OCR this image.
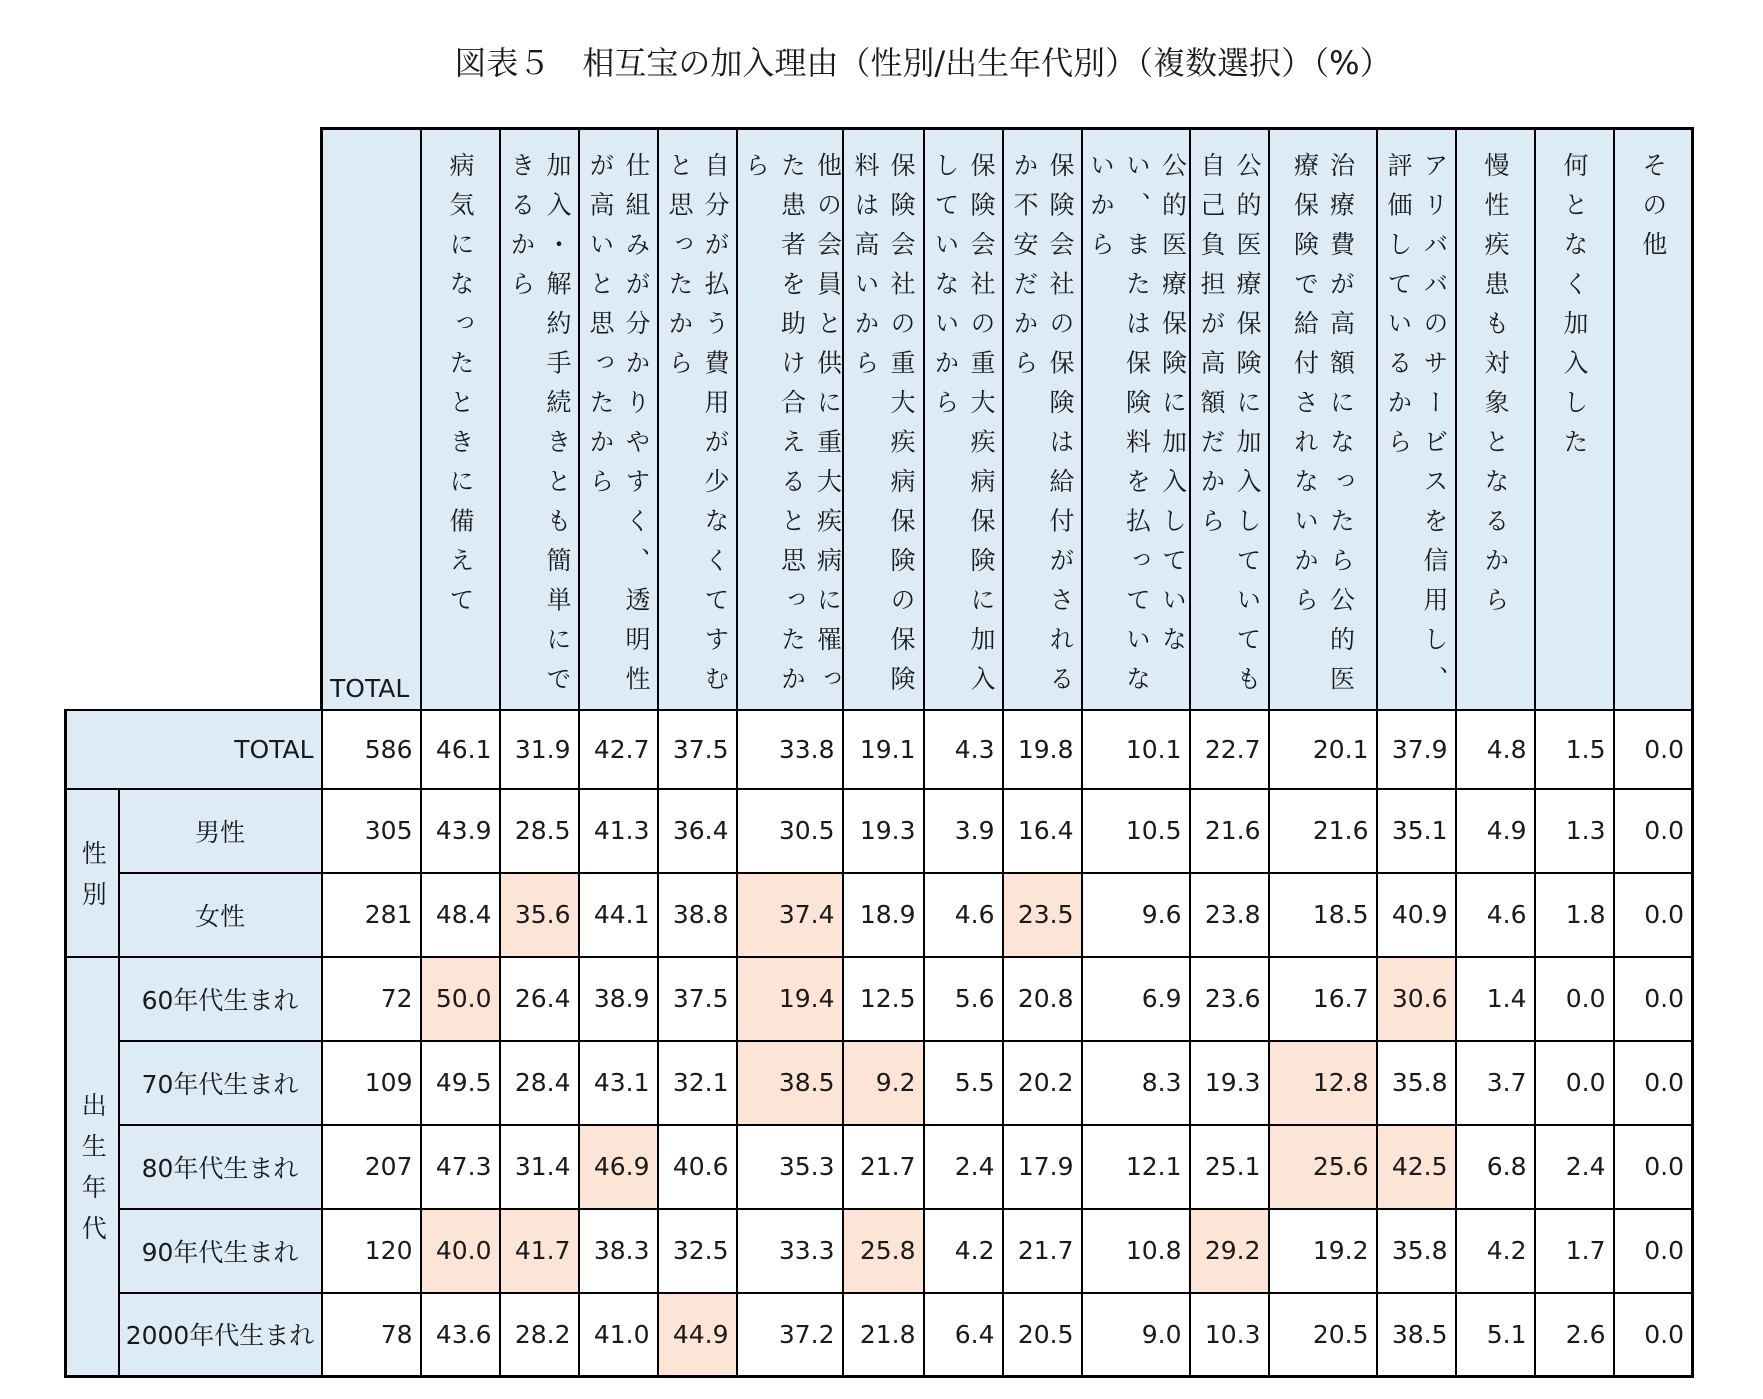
図表５　相互宝の加入理由（性別/出生年代別）（複数選択）（%）
		TOTAL	病気になったときに備えて	加入・解約手続きとも簡単にできるから	仕組みが分かりやすく、透明性が高いと思ったから	自分が払う費用が少なくてすむと思ったから	他の会員と供に重大疾病に罹った患者を助け合えると思ったから	保険会社の重大疾病保険の保険料は高いから	保険会社の重大疾病保険に加入していないから	保険会社の保険は給付がされるか不安だから	公的医療保険に加入していない、または保険料を払っていないから	公的医療保険に加入していても自己負担が高額だから	治療費が高額になったら公的医療保険で給付されないから	アリババのサービスを信用し、評価しているから	慢性疾患も対象となるから	何となく加入した	その他
TOTAL		586	46.1	31.9	42.7	37.5	33.8	19.1	4.3	19.8	10.1	22.7	20.1	37.9	4.8	1.5	0.0
性別	男性	305	43.9	28.5	41.3	36.4	30.5	19.3	3.9	16.4	10.5	21.6	21.6	35.1	4.9	1.3	0.0
	女性	281	48.4	35.6	44.1	38.8	37.4	18.9	4.6	23.5	9.6	23.8	18.5	40.9	4.6	1.8	0.0
出生年代	60年代生まれ	72	50.0	26.4	38.9	37.5	19.4	12.5	5.6	20.8	6.9	23.6	16.7	30.6	1.4	0.0	0.0
	70年代生まれ	109	49.5	28.4	43.1	32.1	38.5	9.2	5.5	20.2	8.3	19.3	12.8	35.8	3.7	0.0	0.0
	80年代生まれ	207	47.3	31.4	46.9	40.6	35.3	21.7	2.4	17.9	12.1	25.1	25.6	42.5	6.8	2.4	0.0
	90年代生まれ	120	40.0	41.7	38.3	32.5	33.3	25.8	4.2	21.7	10.8	29.2	19.2	35.8	4.2	1.7	0.0
	2000年代生まれ	78	43.6	28.2	41.0	44.9	37.2	21.8	6.4	20.5	9.0	10.3	20.5	38.5	5.1	2.6	0.0
